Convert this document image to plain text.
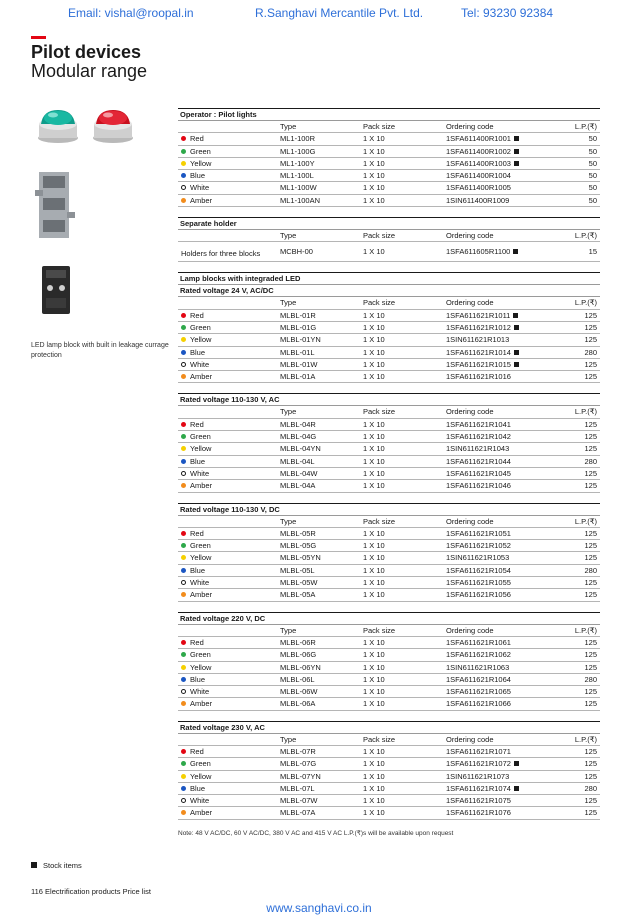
Email: vishal@roopal.in	R.Sanghavi Mercantile Pvt. Ltd.	Tel: 93230 92384
Pilot devices
Modular range
LED lamp block with built in leakage currage protection
Operator : Pilot lights
Type	Pack size	Ordering code	L.P.(₹)
Red	ML1-100R	1 X 10	1SFA611400R1001	50
Green	ML1-100G	1 X 10	1SFA611400R1002	50
Yellow	ML1-100Y	1 X 10	1SFA611400R1003	50
Blue	ML1-100L	1 X 10	1SFA611400R1004	50
White	ML1-100W	1 X 10	1SFA611400R1005	50
Amber	ML1-100AN	1 X 10	1SIN611400R1009	50
Separate holder
Type	Pack size	Ordering code	L.P.(₹)
Holders for three blocks	MCBH-00	1 X 10	1SFA611605R1100	15
Lamp blocks with integraded LED
Rated voltage 24 V, AC/DC
Type	Pack size	Ordering code	L.P.(₹)
Red	MLBL-01R	1 X 10	1SFA611621R1011	125
Green	MLBL-01G	1 X 10	1SFA611621R1012	125
Yellow	MLBL-01YN	1 X 10	1SIN611621R1013	125
Blue	MLBL-01L	1 X 10	1SFA611621R1014	280
White	MLBL-01W	1 X 10	1SFA611621R1015	125
Amber	MLBL-01A	1 X 10	1SFA611621R1016	125
Rated voltage 110-130 V, AC
Type	Pack size	Ordering code	L.P.(₹)
Red	MLBL-04R	1 X 10	1SFA611621R1041	125
Green	MLBL-04G	1 X 10	1SFA611621R1042	125
Yellow	MLBL-04YN	1 X 10	1SIN611621R1043	125
Blue	MLBL-04L	1 X 10	1SFA611621R1044	280
White	MLBL-04W	1 X 10	1SFA611621R1045	125
Amber	MLBL-04A	1 X 10	1SFA611621R1046	125
Rated voltage 110-130 V, DC
Type	Pack size	Ordering code	L.P.(₹)
Red	MLBL-05R	1 X 10	1SFA611621R1051	125
Green	MLBL-05G	1 X 10	1SFA611621R1052	125
Yellow	MLBL-05YN	1 X 10	1SIN611621R1053	125
Blue	MLBL-05L	1 X 10	1SFA611621R1054	280
White	MLBL-05W	1 X 10	1SFA611621R1055	125
Amber	MLBL-05A	1 X 10	1SFA611621R1056	125
Rated voltage 220 V, DC
Type	Pack size	Ordering code	L.P.(₹)
Red	MLBL-06R	1 X 10	1SFA611621R1061	125
Green	MLBL-06G	1 X 10	1SFA611621R1062	125
Yellow	MLBL-06YN	1 X 10	1SIN611621R1063	125
Blue	MLBL-06L	1 X 10	1SFA611621R1064	280
White	MLBL-06W	1 X 10	1SFA611621R1065	125
Amber	MLBL-06A	1 X 10	1SFA611621R1066	125
Rated voltage 230 V, AC
Type	Pack size	Ordering code	L.P.(₹)
Red	MLBL-07R	1 X 10	1SFA611621R1071	125
Green	MLBL-07G	1 X 10	1SFA611621R1072	125
Yellow	MLBL-07YN	1 X 10	1SIN611621R1073	125
Blue	MLBL-07L	1 X 10	1SFA611621R1074	280
White	MLBL-07W	1 X 10	1SFA611621R1075	125
Amber	MLBL-07A	1 X 10	1SFA611621R1076	125
Note: 48 V AC/DC, 60 V AC/DC, 380 V AC and 415 V AC L.P.(₹)s will be available upon request
Stock items
116 Electrification products Price list
www.sanghavi.co.in
